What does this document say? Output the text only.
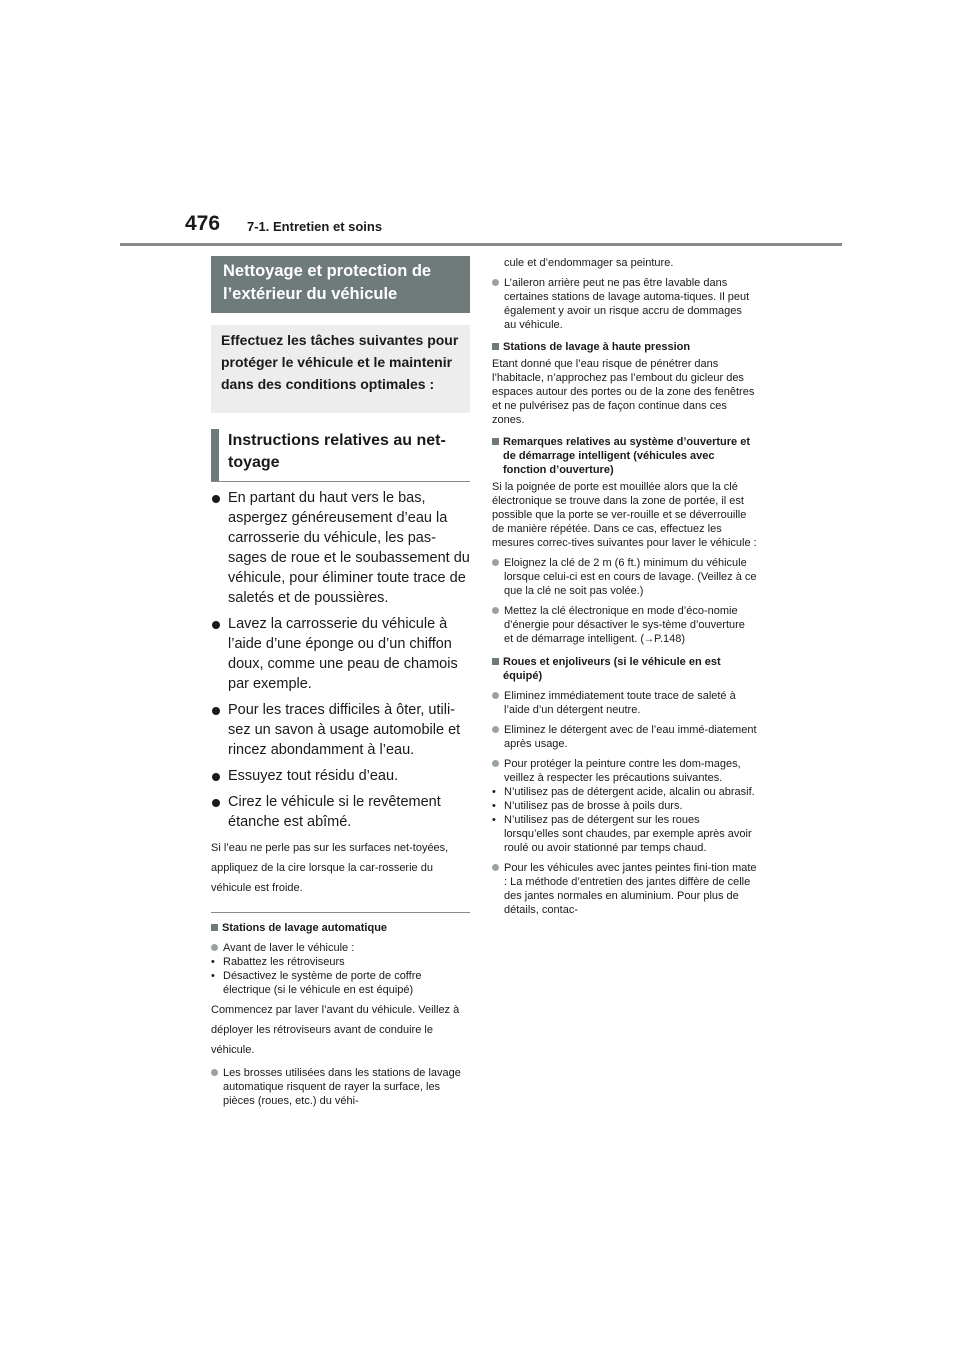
476 7-1. Entretien et soins
Nettoyage et protection de l’extérieur du véhicule
Effectuez les tâches suivantes pour protéger le véhicule et le maintenir dans des conditions optimales :
Instructions relatives au net-toyage
En partant du haut vers le bas, aspergez généreusement d’eau la carrosserie du véhicule, les pas-sages de roue et le soubassement du véhicule, pour éliminer toute trace de saletés et de poussières.
Lavez la carrosserie du véhicule à l’aide d’une éponge ou d’un chiffon doux, comme une peau de chamois par exemple.
Pour les traces difficiles à ôter, utili-sez un savon à usage automobile et rincez abondamment à l’eau.
Essuyez tout résidu d’eau.
Cirez le véhicule si le revêtement étanche est abîmé.
Si l’eau ne perle pas sur les surfaces net-toyées, appliquez de la cire lorsque la car-rosserie du véhicule est froide.
Stations de lavage automatique
Avant de laver le véhicule :
• Rabattez les rétroviseurs
• Désactivez le système de porte de coffre électrique (si le véhicule en est équipé)
Commencez par laver l’avant du véhicule. Veillez à déployer les rétroviseurs avant de conduire le véhicule.
Les brosses utilisées dans les stations de lavage automatique risquent de rayer la surface, les pièces (roues, etc.) du véhi-
cule et d’endommager sa peinture.
L’aileron arrière peut ne pas être lavable dans certaines stations de lavage automa-tiques. Il peut également y avoir un risque accru de dommages au véhicule.
Stations de lavage à haute pression
Etant donné que l’eau risque de pénétrer dans l’habitacle, n’approchez pas l’embout du gicleur des espaces autour des portes ou de la zone des fenêtres et ne pulvérisez pas de façon continue dans ces zones.
Remarques relatives au système d’ouverture et de démarrage intelligent (véhicules avec fonction d’ouverture)
Si la poignée de porte est mouillée alors que la clé électronique se trouve dans la zone de portée, il est possible que la porte se ver-rouille et se déverrouille de manière répétée. Dans ce cas, effectuez les mesures correc-tives suivantes pour laver le véhicule :
Eloignez la clé de 2 m (6 ft.) minimum du véhicule lorsque celui-ci est en cours de lavage. (Veillez à ce que la clé ne soit pas volée.)
Mettez la clé électronique en mode d’éco-nomie d’énergie pour désactiver le sys-tème d’ouverture et de démarrage intelligent. (→P.148)
Roues et enjoliveurs (si le véhicule en est équipé)
Eliminez immédiatement toute trace de saleté à l’aide d’un détergent neutre.
Eliminez le détergent avec de l’eau immé-diatement après usage.
Pour protéger la peinture contre les dom-mages, veillez à respecter les précautions suivantes.
• N’utilisez pas de détergent acide, alcalin ou abrasif.
• N’utilisez pas de brosse à poils durs.
• N’utilisez pas de détergent sur les roues lorsqu’elles sont chaudes, par exemple après avoir roulé ou avoir stationné par temps chaud.
Pour les véhicules avec jantes peintes fini-tion mate : La méthode d’entretien des jantes diffère de celle des jantes normales en aluminium. Pour plus de détails, contac-
